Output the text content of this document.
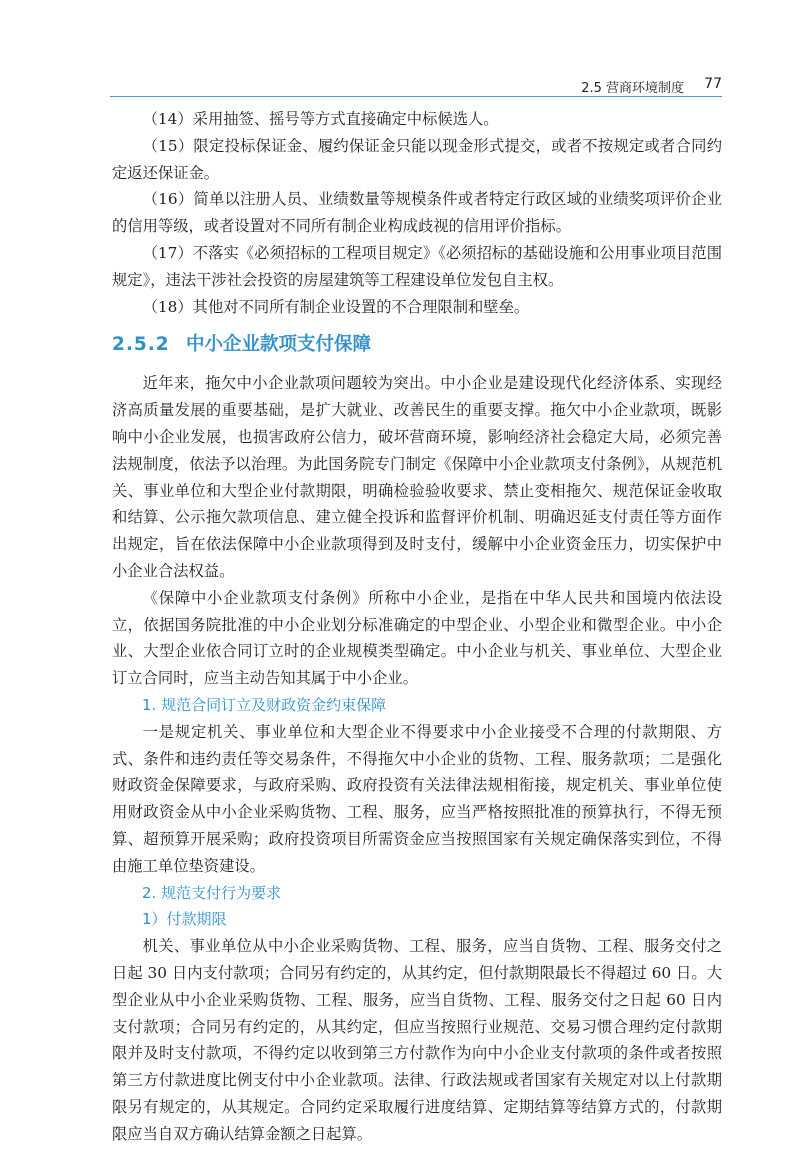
2.5 营商环境制度 77

（14）采用抽签、摇号等方式直接确定中标候选人。

（15）限定投标保证金、履约保证金只能以现金形式提交，或者不按规定或者合同约定返还保证金。

（16）简单以注册人员、业绩数量等规模条件或者特定行政区域的业绩奖项评价企业的信用等级，或者设置对不同所有制企业构成歧视的信用评价指标。

（17）不落实《必须招标的工程项目规定》《必须招标的基础设施和公用事业项目范围规定》，违法干涉社会投资的房屋建筑等工程建设单位发包自主权。

（18）其他对不同所有制企业设置的不合理限制和壁垒。

2.5.2 中小企业款项支付保障

近年来，拖欠中小企业款项问题较为突出。中小企业是建设现代化经济体系、实现经济高质量发展的重要基础，是扩大就业、改善民生的重要支撑。拖欠中小企业款项，既影响中小企业发展，也损害政府公信力，破坏营商环境，影响经济社会稳定大局，必须完善法规制度，依法予以治理。为此国务院专门制定《保障中小企业款项支付条例》，从规范机关、事业单位和大型企业付款期限，明确检验验收要求、禁止变相拖欠、规范保证金收取和结算、公示拖欠款项信息、建立健全投诉和监督评价机制、明确迟延支付责任等方面作出规定，旨在依法保障中小企业款项得到及时支付，缓解中小企业资金压力，切实保护中小企业合法权益。

《保障中小企业款项支付条例》所称中小企业，是指在中华人民共和国境内依法设立，依据国务院批准的中小企业划分标准确定的中型企业、小型企业和微型企业。中小企业、大型企业依合同订立时的企业规模类型确定。中小企业与机关、事业单位、大型企业订立合同时，应当主动告知其属于中小企业。

1. 规范合同订立及财政资金约束保障

一是规定机关、事业单位和大型企业不得要求中小企业接受不合理的付款期限、方式、条件和违约责任等交易条件，不得拖欠中小企业的货物、工程、服务款项；二是强化财政资金保障要求，与政府采购、政府投资有关法律法规相衔接，规定机关、事业单位使用财政资金从中小企业采购货物、工程、服务，应当严格按照批准的预算执行，不得无预算、超预算开展采购；政府投资项目所需资金应当按照国家有关规定确保落实到位，不得由施工单位垫资建设。

2. 规范支付行为要求

1）付款期限

机关、事业单位从中小企业采购货物、工程、服务，应当自货物、工程、服务交付之日起 30 日内支付款项；合同另有约定的，从其约定，但付款期限最长不得超过 60 日。大型企业从中小企业采购货物、工程、服务，应当自货物、工程、服务交付之日起 60 日内支付款项；合同另有约定的，从其约定，但应当按照行业规范、交易习惯合理约定付款期限并及时支付款项，不得约定以收到第三方付款作为向中小企业支付款项的条件或者按照第三方付款进度比例支付中小企业款项。法律、行政法规或者国家有关规定对以上付款期限另有规定的，从其规定。合同约定采取履行进度结算、定期结算等结算方式的，付款期限应当自双方确认结算金额之日起算。
